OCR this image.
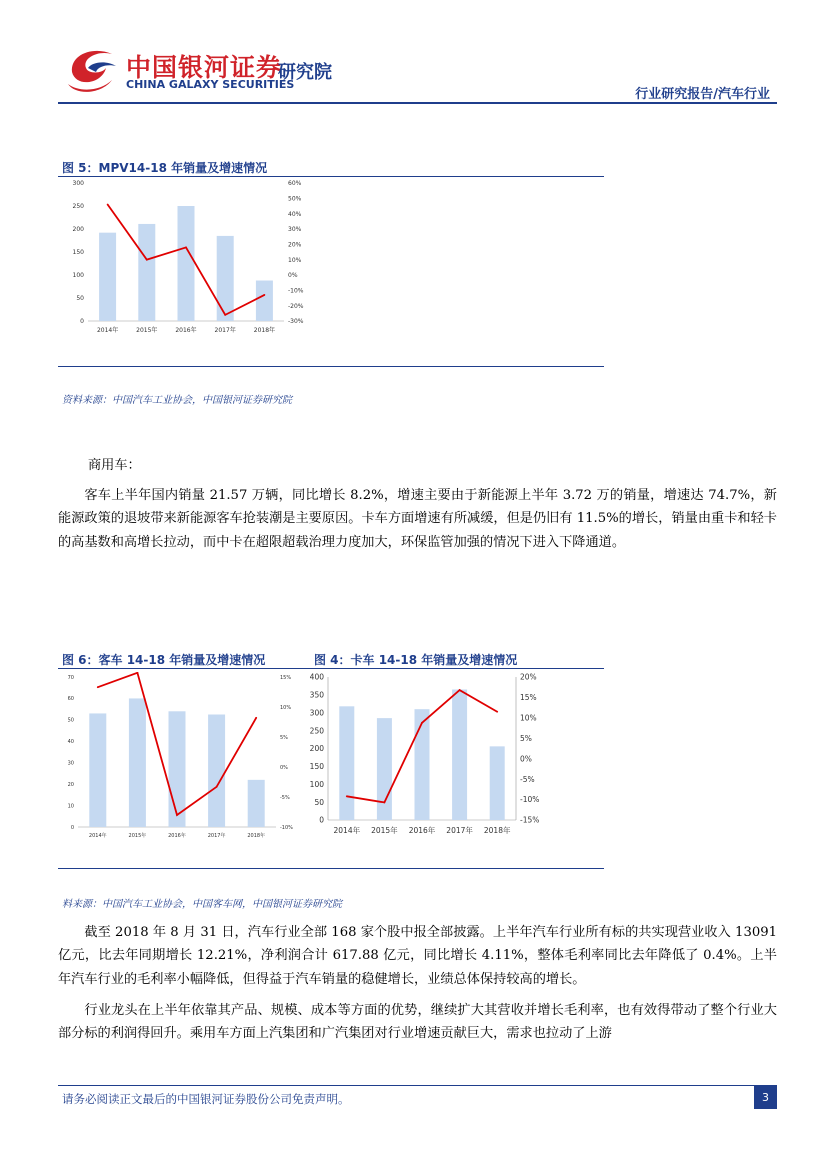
中国银河证券
CHINA GALAXY SECURITIES
研究院
行业研究报告/汽车行业
图 5：MPV14-18 年销量及增速情况
0
50
100
150
200
250
300
-30%
-20%
-10%
0%
10%
20%
30%
40%
50%
60%
2014年	2015年	2016年	2017年	2018年
资料来源：中国汽车工业协会，中国银河证券研究院
商用车：
客车上半年国内销量 21.57 万辆，同比增长 8.2%，增速主要由于新能源上半年 3.72 万的销量，增速达 74.7%，新能源政策的退坡带来新能源客车抢装潮是主要原因。卡车方面增速有所减缓，但是仍旧有 11.5%的增长，销量由重卡和轻卡的高基数和高增长拉动，而中卡在超限超载治理力度加大，环保监管加强的情况下进入下降通道。
图 6：客车 14-18 年销量及增速情况	图 4：卡车 14-18 年销量及增速情况
0
10
20
30
40
50
60
70
-10%
-5%
0%
5%
10%
15%
2014年	2015年	2016年	2017年	2018年
0
50
100
150
200
250
300
350
400
-15%
-10%
-5%
0%
5%
10%
15%
20%
2014年 2015年 2016年 2017年 2018年
料来源：中国汽车工业协会，中国客车网，中国银河证券研究院
截至 2018 年 8 月 31 日，汽车行业全部 168 家个股中报全部披露。上半年汽车行业所有标的共实现营业收入 13091 亿元，比去年同期增长 12.21%，净利润合计 617.88 亿元，同比增长 4.11%，整体毛利率同比去年降低了 0.4%。上半年汽车行业的毛利率小幅降低，但得益于汽车销量的稳健增长，业绩总体保持较高的增长。
行业龙头在上半年依靠其产品、规模、成本等方面的优势，继续扩大其营收并增长毛利率，也有效得带动了整个行业大部分标的利润得回升。乘用车方面上汽集团和广汽集团对行业增速贡献巨大，需求也拉动了上游
请务必阅读正文最后的中国银河证券股份公司免责声明。	3
